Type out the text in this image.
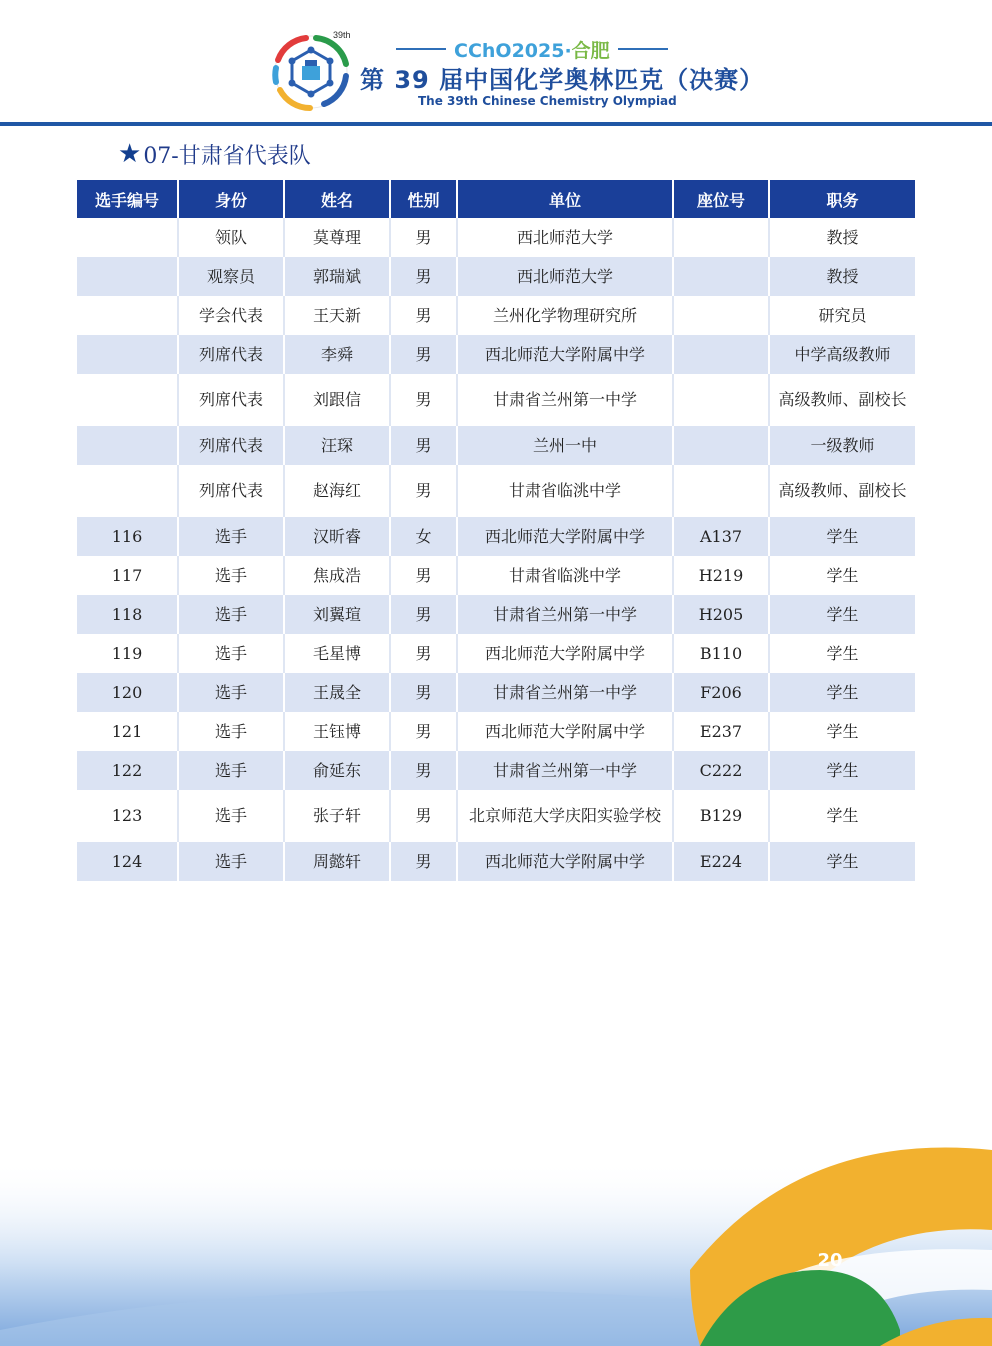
39th
CChO2025·合肥
第 39 届中国化学奥林匹克（决赛）
The 39th Chinese Chemistry Olympiad
★ 07-甘肃省代表队
选手编号	身份	姓名	性别	单位	座位号	职务
	领队	莫尊理	男	西北师范大学		教授
	观察员	郭瑞斌	男	西北师范大学		教授
	学会代表	王天新	男	兰州化学物理研究所		研究员
	列席代表	李舜	男	西北师范大学附属中学		中学高级教师
	列席代表	刘跟信	男	甘肃省兰州第一中学		高级教师、副校长
	列席代表	汪琛	男	兰州一中		一级教师
	列席代表	赵海红	男	甘肃省临洮中学		高级教师、副校长
116	选手	汉昕睿	女	西北师范大学附属中学	A137	学生
117	选手	焦成浩	男	甘肃省临洮中学	H219	学生
118	选手	刘翼瑄	男	甘肃省兰州第一中学	H205	学生
119	选手	毛星博	男	西北师范大学附属中学	B110	学生
120	选手	王晟全	男	甘肃省兰州第一中学	F206	学生
121	选手	王钰博	男	西北师范大学附属中学	E237	学生
122	选手	俞延东	男	甘肃省兰州第一中学	C222	学生
123	选手	张子轩	男	北京师范大学庆阳实验学校	B129	学生
124	选手	周懿轩	男	西北师范大学附属中学	E224	学生
20
